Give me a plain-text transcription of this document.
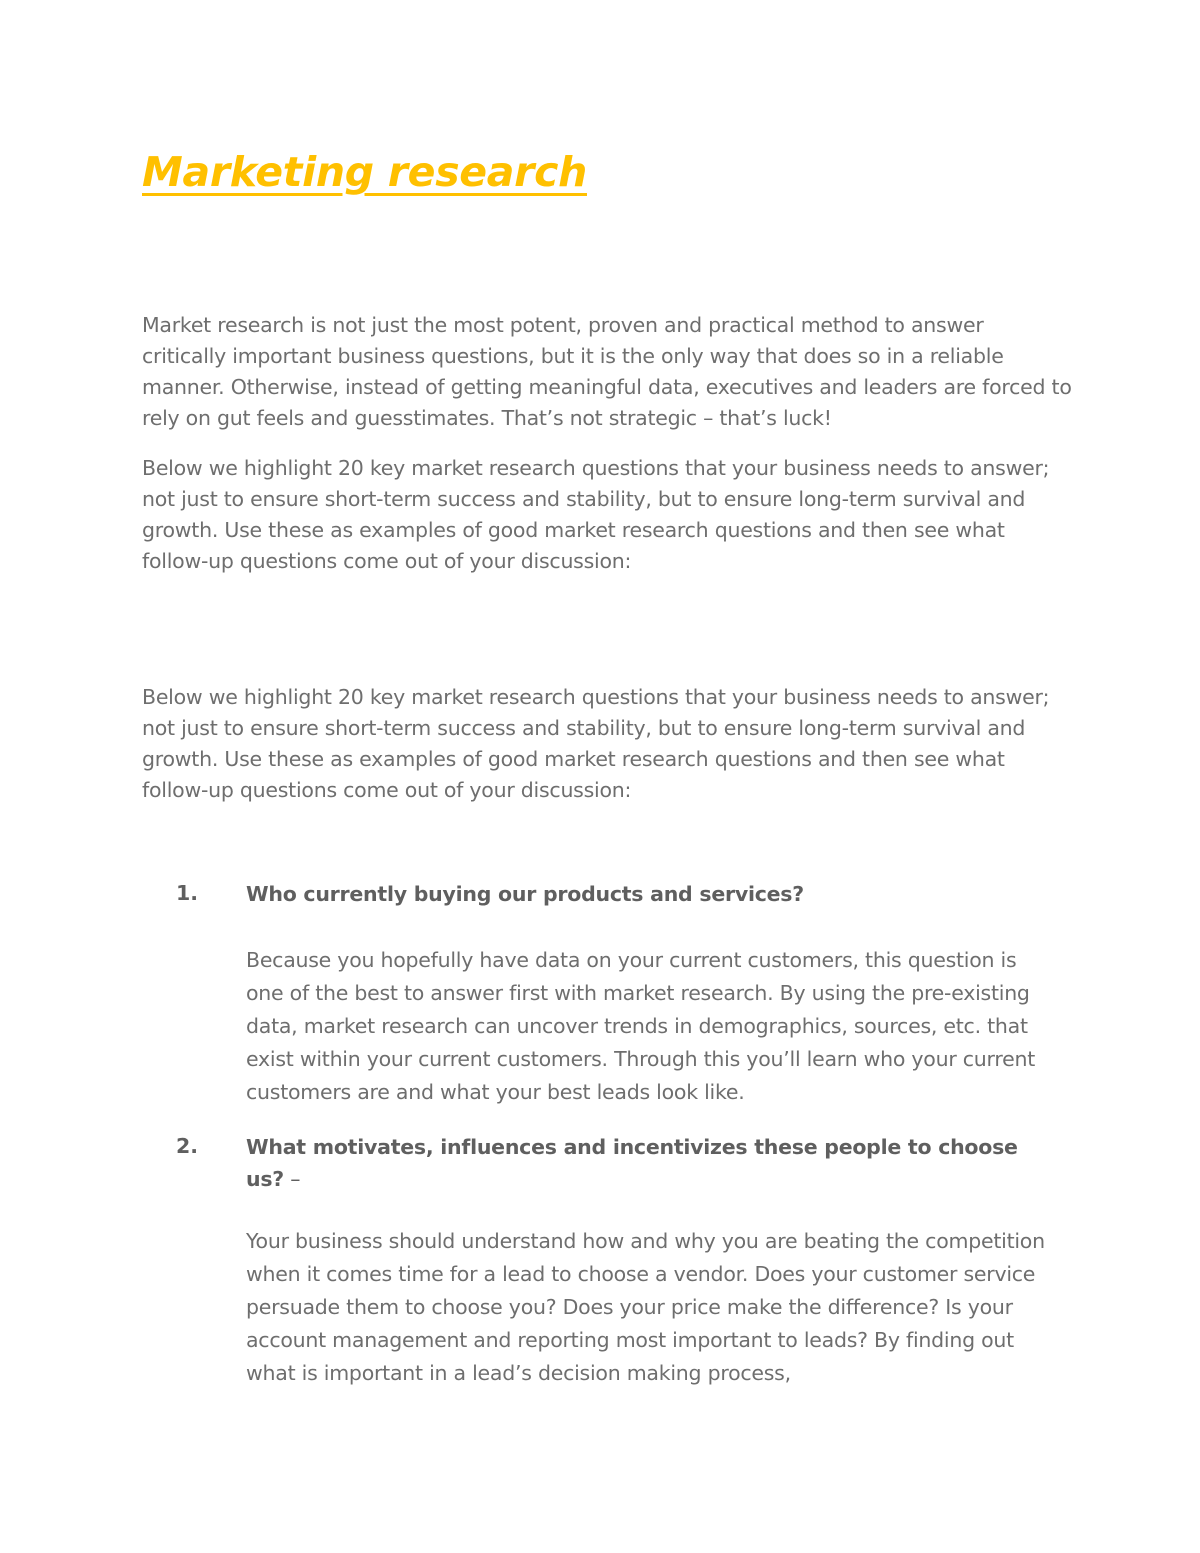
Marketing research

Market research is not just the most potent, proven and practical method to answer critically important business questions, but it is the only way that does so in a reliable manner. Otherwise, instead of getting meaningful data, executives and leaders are forced to rely on gut feels and guesstimates. That’s not strategic – that’s luck!

Below we highlight 20 key market research questions that your business needs to answer; not just to ensure short-term success and stability, but to ensure long-term survival and growth. Use these as examples of good market research questions and then see what follow-up questions come out of your discussion:

Below we highlight 20 key market research questions that your business needs to answer; not just to ensure short-term success and stability, but to ensure long-term survival and growth. Use these as examples of good market research questions and then see what follow-up questions come out of your discussion:

1. Who currently buying our products and services?

Because you hopefully have data on your current customers, this question is one of the best to answer first with market research. By using the pre-existing data, market research can uncover trends in demographics, sources, etc. that exist within your current customers. Through this you’ll learn who your current customers are and what your best leads look like.

2. What motivates, influences and incentivizes these people to choose us? –

Your business should understand how and why you are beating the competition when it comes time for a lead to choose a vendor. Does your customer service persuade them to choose you? Does your price make the difference? Is your account management and reporting most important to leads? By finding out what is important in a lead’s decision making process,
